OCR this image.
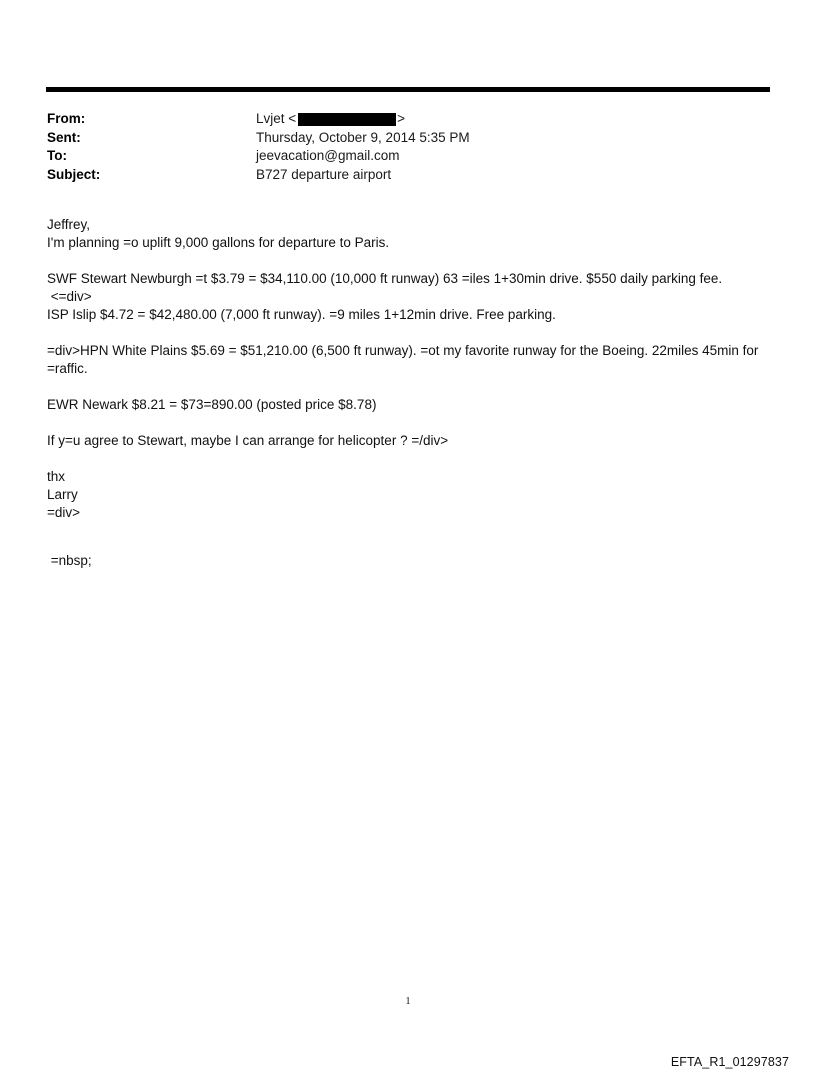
From:	Lvjet <	>
Sent:	Thursday, October 9, 2014 5:35 PM
To:	jeevacation@gmail.com
Subject:	B727 departure airport
Jeffrey,
I'm planning =o uplift 9,000 gallons for departure to Paris.
SWF Stewart Newburgh =t $3.79 = $34,110.00 (10,000 ft runway) 63 =iles 1+30min drive. $550 daily parking fee.
<=div>
ISP Islip $4.72 = $42,480.00 (7,000 ft runway). =9 miles 1+12min drive. Free parking.
=div>HPN White Plains $5.69 = $51,210.00 (6,500 ft runway). =ot my favorite runway for the Boeing. 22miles 45min for =raffic.
EWR Newark $8.21 = $73=890.00 (posted price $8.78)
If y=u agree to Stewart, maybe I can arrange for helicopter ? =/div>
thx
Larry
=div>
=nbsp;
1
EFTA_R1_01297837
